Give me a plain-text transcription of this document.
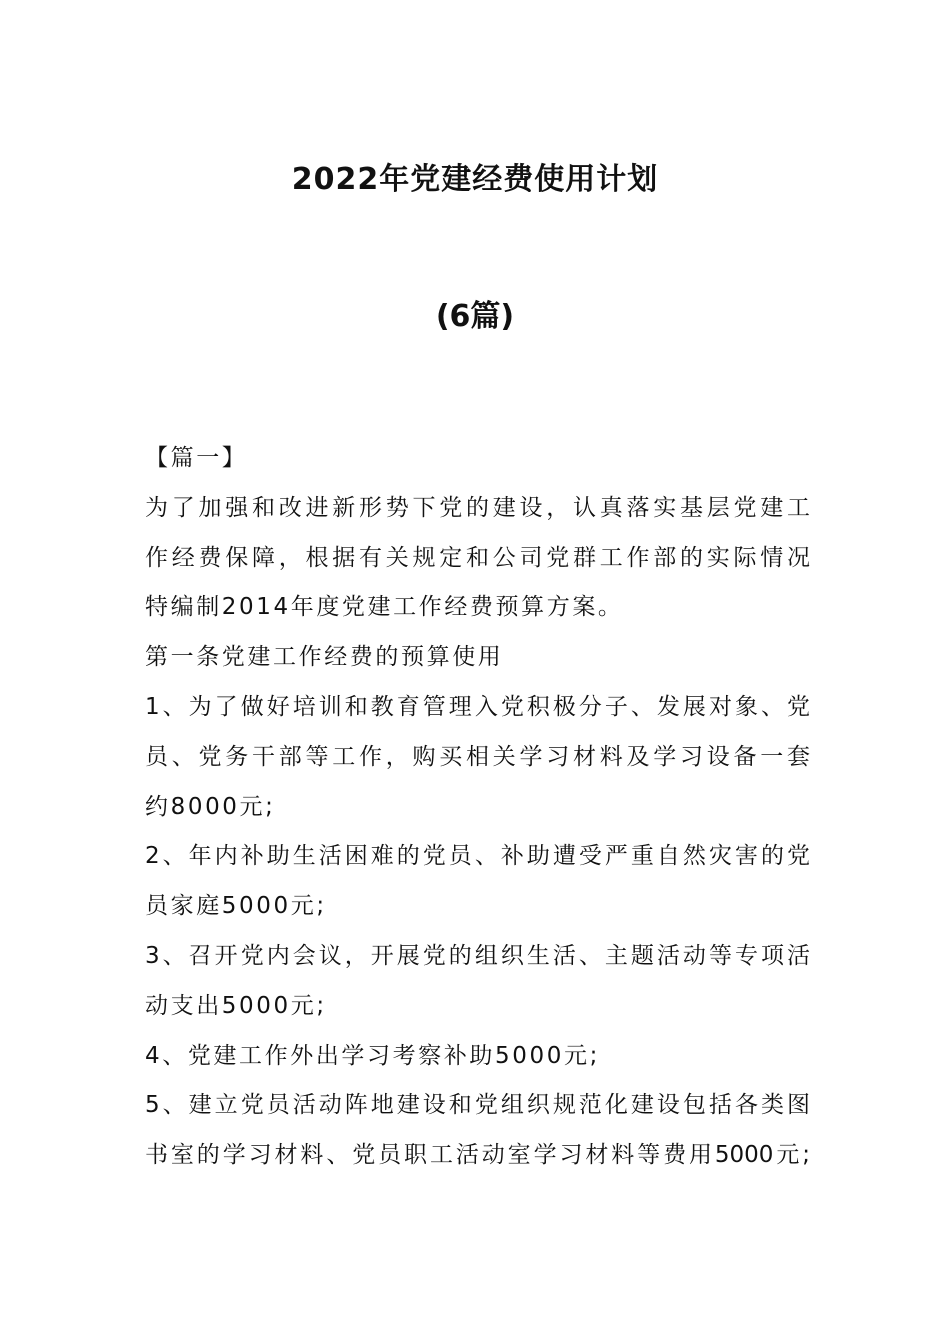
2022年党建经费使用计划
(6篇)
【篇一】
为了加强和改进新形势下党的建设，认真落实基层党建工
作经费保障，根据有关规定和公司党群工作部的实际情况
特编制2014年度党建工作经费预算方案。
第一条党建工作经费的预算使用
1、为了做好培训和教育管理入党积极分子、发展对象、党
员、党务干部等工作，购买相关学习材料及学习设备一套
约8000元;
2、年内补助生活困难的党员、补助遭受严重自然灾害的党
员家庭5000元;
3、召开党内会议，开展党的组织生活、主题活动等专项活
动支出5000元;
4、党建工作外出学习考察补助5000元;
5、建立党员活动阵地建设和党组织规范化建设包括各类图
书室的学习材料、党员职工活动室学习材料等费用5000元;
